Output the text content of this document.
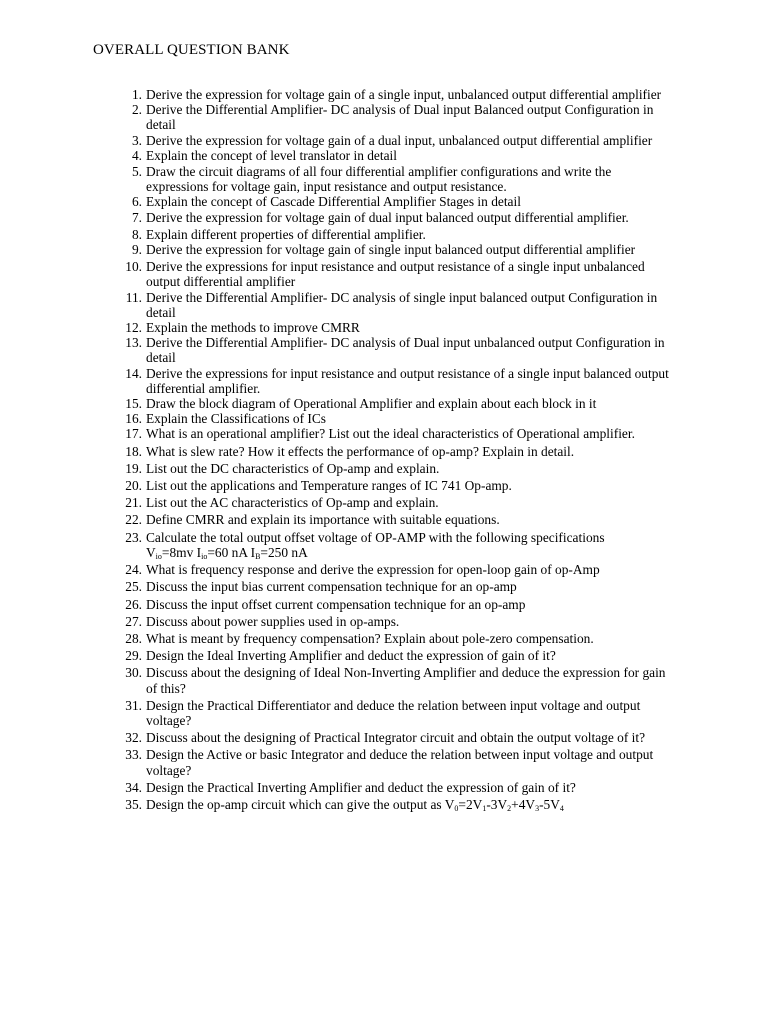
OVERALL QUESTION BANK
1. Derive the expression for voltage gain of a single input, unbalanced output differential amplifier
2. Derive the Differential Amplifier- DC analysis of Dual input Balanced output Configuration in detail
3. Derive the expression for voltage gain of a dual input, unbalanced output differential amplifier
4. Explain the concept of level translator in detail
5. Draw the circuit diagrams of all four differential amplifier configurations and write the expressions for voltage gain, input resistance and output resistance.
6. Explain the concept of Cascade Differential Amplifier Stages in detail
7. Derive the expression for voltage gain of dual input balanced output differential amplifier.
8. Explain different properties of differential amplifier.
9. Derive the expression for voltage gain of single input balanced output differential amplifier
10. Derive the expressions for input resistance and output resistance of a single input unbalanced output differential amplifier
11. Derive the Differential Amplifier- DC analysis of single input balanced output Configuration in detail
12. Explain the methods to improve CMRR
13. Derive the Differential Amplifier- DC analysis of Dual input unbalanced output Configuration in detail
14. Derive the expressions for input resistance and output resistance of a single input balanced output differential amplifier.
15. Draw the block diagram of Operational Amplifier and explain about each block in it
16. Explain the Classifications of ICs
17. What is an operational amplifier? List out the ideal characteristics of Operational amplifier.
18. What is slew rate? How it effects the performance of op-amp? Explain in detail.
19. List out the DC characteristics of Op-amp and explain.
20. List out the applications and Temperature ranges of IC 741 Op-amp.
21. List out the AC characteristics of Op-amp and explain.
22. Define CMRR and explain its importance with suitable equations.
23. Calculate the total output offset voltage of OP-AMP with the following specifications
$V_{io}=8mv$ $I_{io}=60$ nA $I_B=250$ nA
24. What is frequency response and derive the expression for open-loop gain of op-Amp
25. Discuss the input bias current compensation technique for an op-amp
26. Discuss the input offset current compensation technique for an op-amp
27. Discuss about power supplies used in op-amps.
28. What is meant by frequency compensation? Explain about pole-zero compensation.
29. Design the Ideal Inverting Amplifier and deduct the expression of gain of it?
30. Discuss about the designing of Ideal Non-Inverting Amplifier and deduce the expression for gain of this?
31. Design the Practical Differentiator and deduce the relation between input voltage and output voltage?
32. Discuss about the designing of Practical Integrator circuit and obtain the output voltage of it?
33. Design the Active or basic Integrator and deduce the relation between input voltage and output voltage?
34. Design the Practical Inverting Amplifier and deduct the expression of gain of it?
35. Design the op-amp circuit which can give the output as $V_0=2V_1-3V_2+4V_3-5V_4$
